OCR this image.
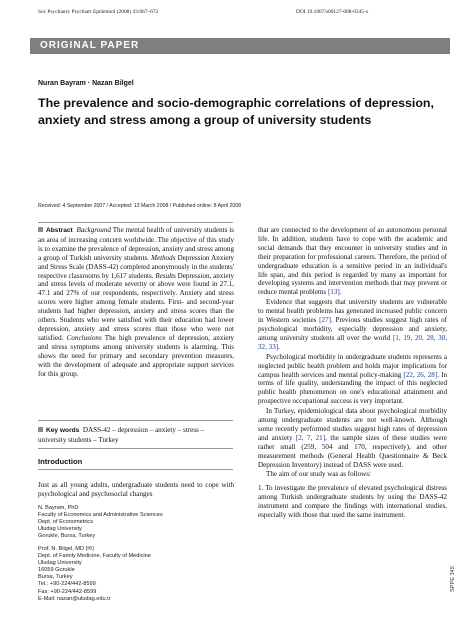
Soc Psychiatry Psychiatr Epidemiol (2008) 43:667–672	DOI 10.1007/s00127-008-0345-x
ORIGINAL PAPER
Nuran Bayram · Nazan Bilgel
The prevalence and socio-demographic correlations of depression, anxiety and stress among a group of university students
Received: 4 September 2007 / Accepted: 13 March 2008 / Published online: 8 April 2008

Abstract Background The mental health of university students is an area of increasing concern worldwide. The objective of this study is to examine the prevalence of depression, anxiety and stress among a group of Turkish university students. Methods Depression Anxiety and Stress Scale (DASS-42) completed anonymously in the students' respective classrooms by 1,617 students. Results Depression, anxiety and stress levels of moderate severity or above were found in 27.1, 47.1 and 27% of our respondents, respectively. Anxiety and stress scores were higher among female students. First- and second-year students had higher depression, anxiety and stress scores than the others. Students who were satisfied with their education had lower depression, anxiety and stress scores than those who were not satisfied. Conclusions The high prevalence of depression, anxiety and stress symptoms among university students is alarming. This shows the need for primary and secondary prevention measures, with the development of adequate and appropriate support services for this group.

Key words DASS-42 – depression – anxiety – stress – university students – Turkey
Introduction

Just as all young adults, undergraduate students need to cope with psychological and psychosocial changes

N. Bayram, PhD
Faculty of Economics and Administrative Sciences
Dept. of Econometrics
Uludag University
Gorukle, Bursa, Turkey
Prof. N. Bilgel, MD (✉)
Dept. of Family Medicine, Faculty of Medicine
Uludag University
16059 Gorukle
Bursa, Turkey
Tel.: +90-224/442-8599
Fax: +90-224/442-8599
E-Mail: nazan@uludag.edu.tr

that are connected to the development of an autonomous personal life. In addition, students have to cope with the academic and social demands that they encounter in university studies and in their preparation for professional careers. Therefore, the period of undergraduate education is a sensitive period in an individual's life span, and this period is regarded by many as important for developing systems and intervention methods that may prevent or reduce mental problems [13].

Evidence that suggests that university students are vulnerable to mental health problems has generated increased public concern in Western societies [27]. Previous studies suggest high rates of psychological morbidity, especially depression and anxiety, among university students all over the world [1, 19, 20, 28, 30, 32, 33].

Psychological morbidity in undergraduate students represents a neglected public health problem and holds major implications for campus health services and mental policy-making [22, 26, 28]. In terms of life quality, understanding the impact of this neglected public health phenomenon on one's educational attainment and prospective occupational success is very important.

In Turkey, epidemiological data about psychological morbidity among undergraduate students are not well-known. Although some recently performed studies suggest high rates of depression and anxiety [2, 7, 21], the sample sizes of these studies were rather small (259, 504 and 170, respectively), and other measurement methods (General Health Questionnaire & Beck Depression Inventory) instead of DASS were used.

The aim of our study was as follows:

1. To investigate the prevalence of elevated psychological distress among Turkish undergraduate students by using the DASS-42 instrument and compare the findings with international studies, especially with those that used the same instrument.

SPPE 345
